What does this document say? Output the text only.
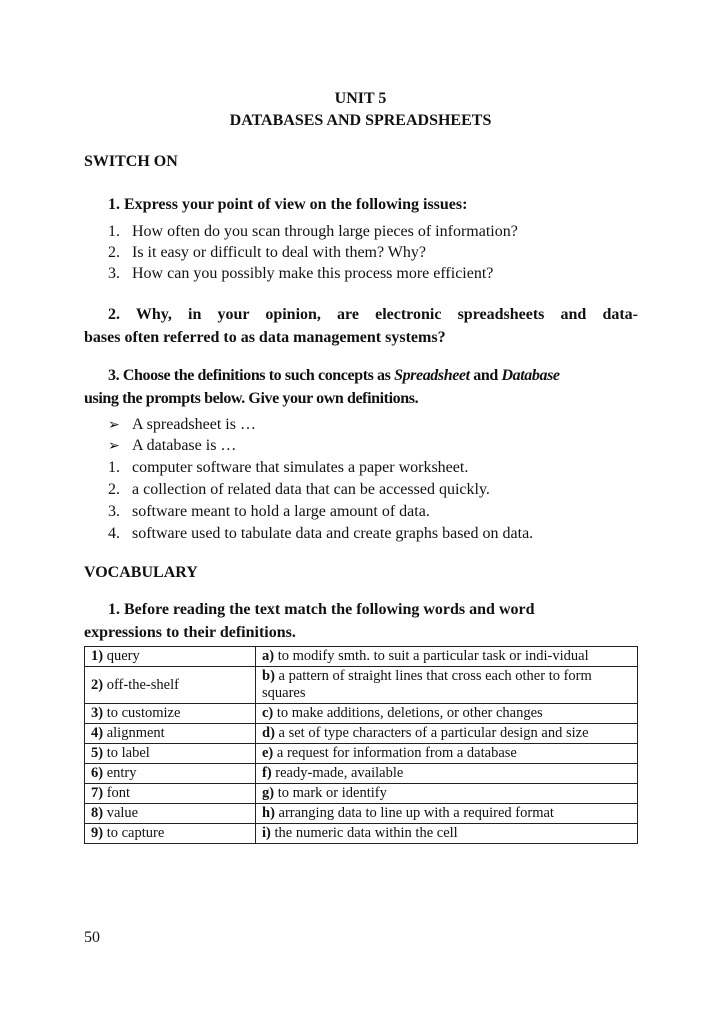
UNIT 5
DATABASES AND SPREADSHEETS
SWITCH ON
1. Express your point of view on the following issues:
1. How often do you scan through large pieces of information?
2. Is it easy or difficult to deal with them? Why?
3. How can you possibly make this process more efficient?
2. Why, in your opinion, are electronic spreadsheets and data-
bases often referred to as data management systems?
3. Choose the definitions to such concepts as Spreadsheet and Database
using the prompts below. Give your own definitions.
➢ A spreadsheet is …
➢ A database is …
1. computer software that simulates a paper worksheet.
2. a collection of related data that can be accessed quickly.
3. software meant to hold a large amount of data.
4. software used to tabulate data and create graphs based on data.
VOCABULARY
1. Before reading the text match the following words and word
expressions to their definitions.
1) query	a) to modify smth. to suit a particular task or indi-vidual
2) off-the-shelf	b) a pattern of straight lines that cross each other to form squares
3) to customize	c) to make additions, deletions, or other changes
4) alignment	d) a set of type characters of a particular design and size
5) to label	e) a request for information from a database
6) entry	f) ready-made, available
7) font	g) to mark or identify
8) value	h) arranging data to line up with a required format
9) to capture	i) the numeric data within the cell
50
